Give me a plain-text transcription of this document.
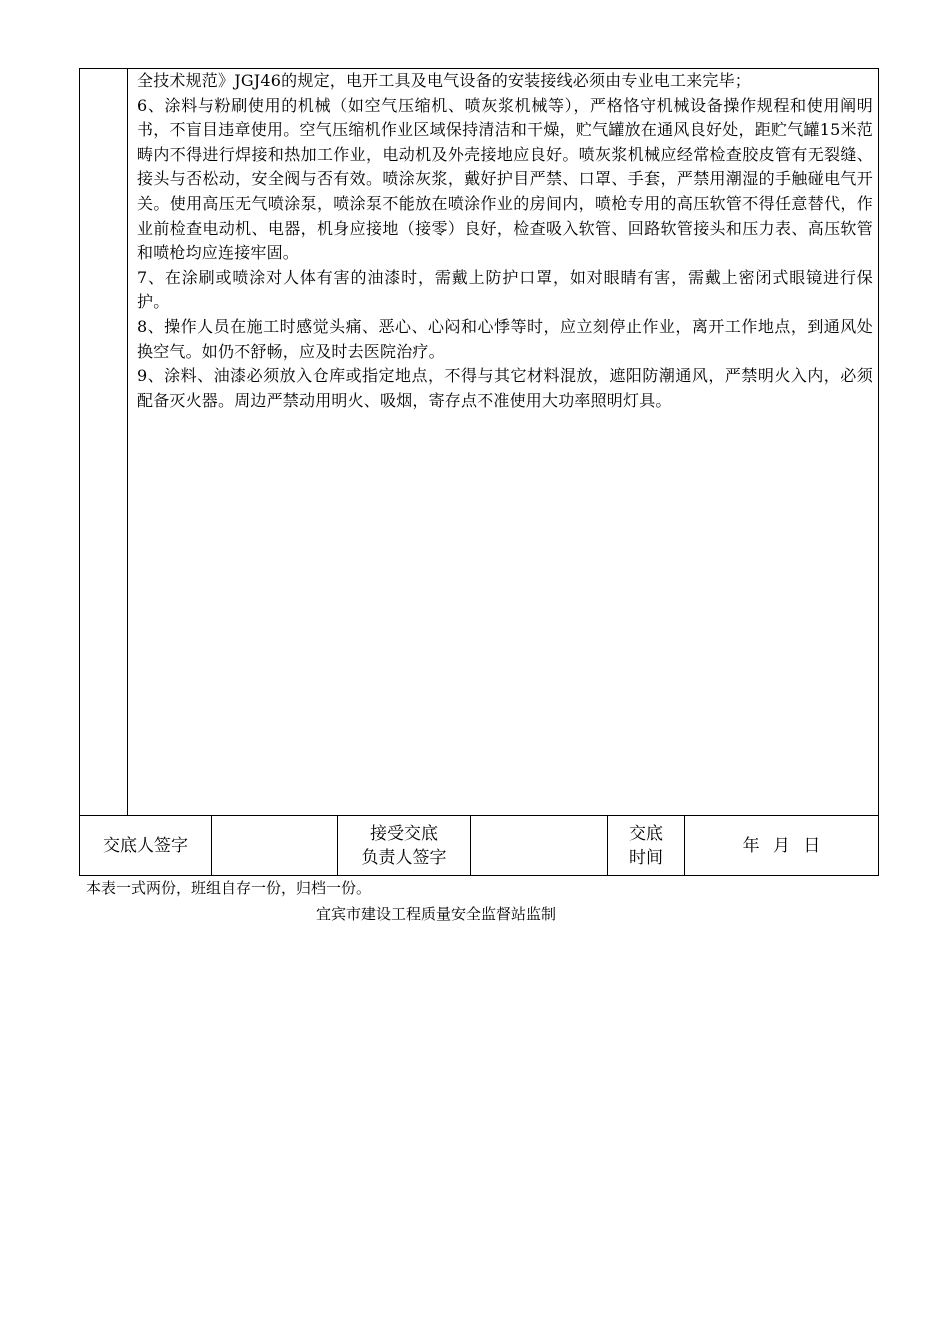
全技术规范》JGJ46的规定，电开工具及电气设备的安装接线必须由专业电工来完毕；

6、涂料与粉刷使用的机械（如空气压缩机、喷灰浆机械等），严格恪守机械设备操作规程和使用阐明书，不盲目违章使用。空气压缩机作业区域保持清洁和干燥，贮气罐放在通风良好处，距贮气罐15米范畴内不得进行焊接和热加工作业，电动机及外壳接地应良好。喷灰浆机械应经常检查胶皮管有无裂缝、接头与否松动，安全阀与否有效。喷涂灰浆，戴好护目严禁、口罩、手套，严禁用潮湿的手触碰电气开关。使用高压无气喷涂泵，喷涂泵不能放在喷涂作业的房间内，喷枪专用的高压软管不得任意替代，作业前检查电动机、电器，机身应接地（接零）良好，检查吸入软管、回路软管接头和压力表、高压软管和喷枪均应连接牢固。

7、在涂刷或喷涂对人体有害的油漆时，需戴上防护口罩，如对眼睛有害，需戴上密闭式眼镜进行保护。

8、操作人员在施工时感觉头痛、恶心、心闷和心悸等时，应立刻停止作业，离开工作地点，到通风处换空气。如仍不舒畅，应及时去医院治疗。

9、涂料、油漆必须放入仓库或指定地点，不得与其它材料混放，遮阳防潮通风，严禁明火入内，必须配备灭火器。周边严禁动用明火、吸烟，寄存点不准使用大功率照明灯具。

交底人签字
接受交底
负责人签字
交底
时间
年 月 日
本表一式两份，班组自存一份，归档一份。
宜宾市建设工程质量安全监督站监制
